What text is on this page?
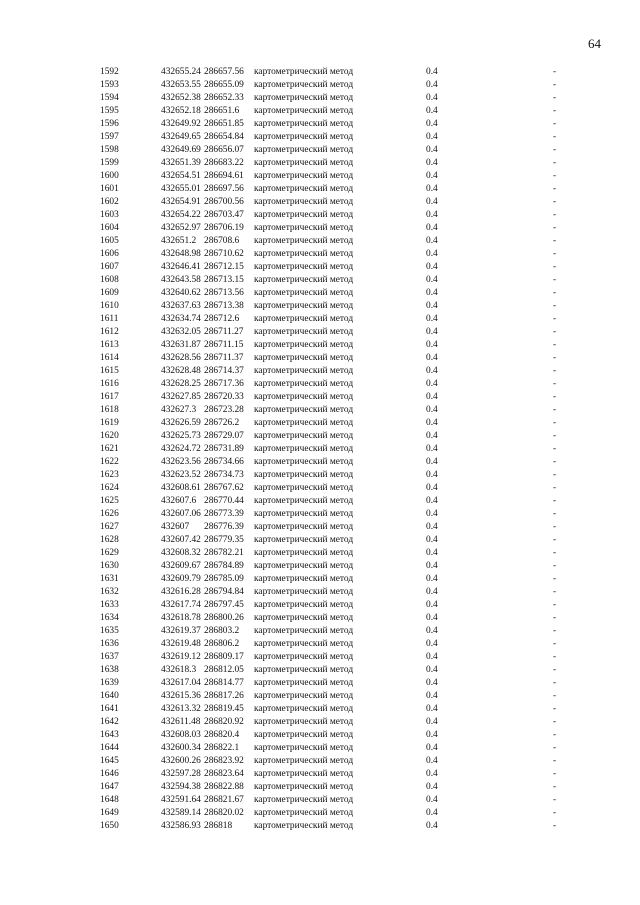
64
1592	432655.24 286657.56 картометрический метод	0.4	-
1593	432653.55 286655.09 картометрический метод	0.4	-
1594	432652.38 286652.33 картометрический метод	0.4	-
1595	432652.18 286651.6 картометрический метод	0.4	-
1596	432649.92 286651.85 картометрический метод	0.4	-
1597	432649.65 286654.84 картометрический метод	0.4	-
1598	432649.69 286656.07 картометрический метод	0.4	-
1599	432651.39 286683.22 картометрический метод	0.4	-
1600	432654.51 286694.61 картометрический метод	0.4	-
1601	432655.01 286697.56 картометрический метод	0.4	-
1602	432654.91 286700.56 картометрический метод	0.4	-
1603	432654.22 286703.47 картометрический метод	0.4	-
1604	432652.97 286706.19 картометрический метод	0.4	-
1605	432651.2 286708.6 картометрический метод	0.4	-
1606	432648.98 286710.62 картометрический метод	0.4	-
1607	432646.41 286712.15 картометрический метод	0.4	-
1608	432643.58 286713.15 картометрический метод	0.4	-
1609	432640.62 286713.56 картометрический метод	0.4	-
1610	432637.63 286713.38 картометрический метод	0.4	-
1611	432634.74 286712.6 картометрический метод	0.4	-
1612	432632.05 286711.27 картометрический метод	0.4	-
1613	432631.87 286711.15 картометрический метод	0.4	-
1614	432628.56 286711.37 картометрический метод	0.4	-
1615	432628.48 286714.37 картометрический метод	0.4	-
1616	432628.25 286717.36 картометрический метод	0.4	-
1617	432627.85 286720.33 картометрический метод	0.4	-
1618	432627.3 286723.28 картометрический метод	0.4	-
1619	432626.59 286726.2 картометрический метод	0.4	-
1620	432625.73 286729.07 картометрический метод	0.4	-
1621	432624.72 286731.89 картометрический метод	0.4	-
1622	432623.56 286734.66 картометрический метод	0.4	-
1623	432623.52 286734.73 картометрический метод	0.4	-
1624	432608.61 286767.62 картометрический метод	0.4	-
1625	432607.6 286770.44 картометрический метод	0.4	-
1626	432607.06 286773.39 картометрический метод	0.4	-
1627	432607 286776.39 картометрический метод	0.4	-
1628	432607.42 286779.35 картометрический метод	0.4	-
1629	432608.32 286782.21 картометрический метод	0.4	-
1630	432609.67 286784.89 картометрический метод	0.4	-
1631	432609.79 286785.09 картометрический метод	0.4	-
1632	432616.28 286794.84 картометрический метод	0.4	-
1633	432617.74 286797.45 картометрический метод	0.4	-
1634	432618.78 286800.26 картометрический метод	0.4	-
1635	432619.37 286803.2 картометрический метод	0.4	-
1636	432619.48 286806.2 картометрический метод	0.4	-
1637	432619.12 286809.17 картометрический метод	0.4	-
1638	432618.3 286812.05 картометрический метод	0.4	-
1639	432617.04 286814.77 картометрический метод	0.4	-
1640	432615.36 286817.26 картометрический метод	0.4	-
1641	432613.32 286819.45 картометрический метод	0.4	-
1642	432611.48 286820.92 картометрический метод	0.4	-
1643	432608.03 286820.4 картометрический метод	0.4	-
1644	432600.34 286822.1 картометрический метод	0.4	-
1645	432600.26 286823.92 картометрический метод	0.4	-
1646	432597.28 286823.64 картометрический метод	0.4	-
1647	432594.38 286822.88 картометрический метод	0.4	-
1648	432591.64 286821.67 картометрический метод	0.4	-
1649	432589.14 286820.02 картометрический метод	0.4	-
1650	432586.93 286818 картометрический метод	0.4	-
